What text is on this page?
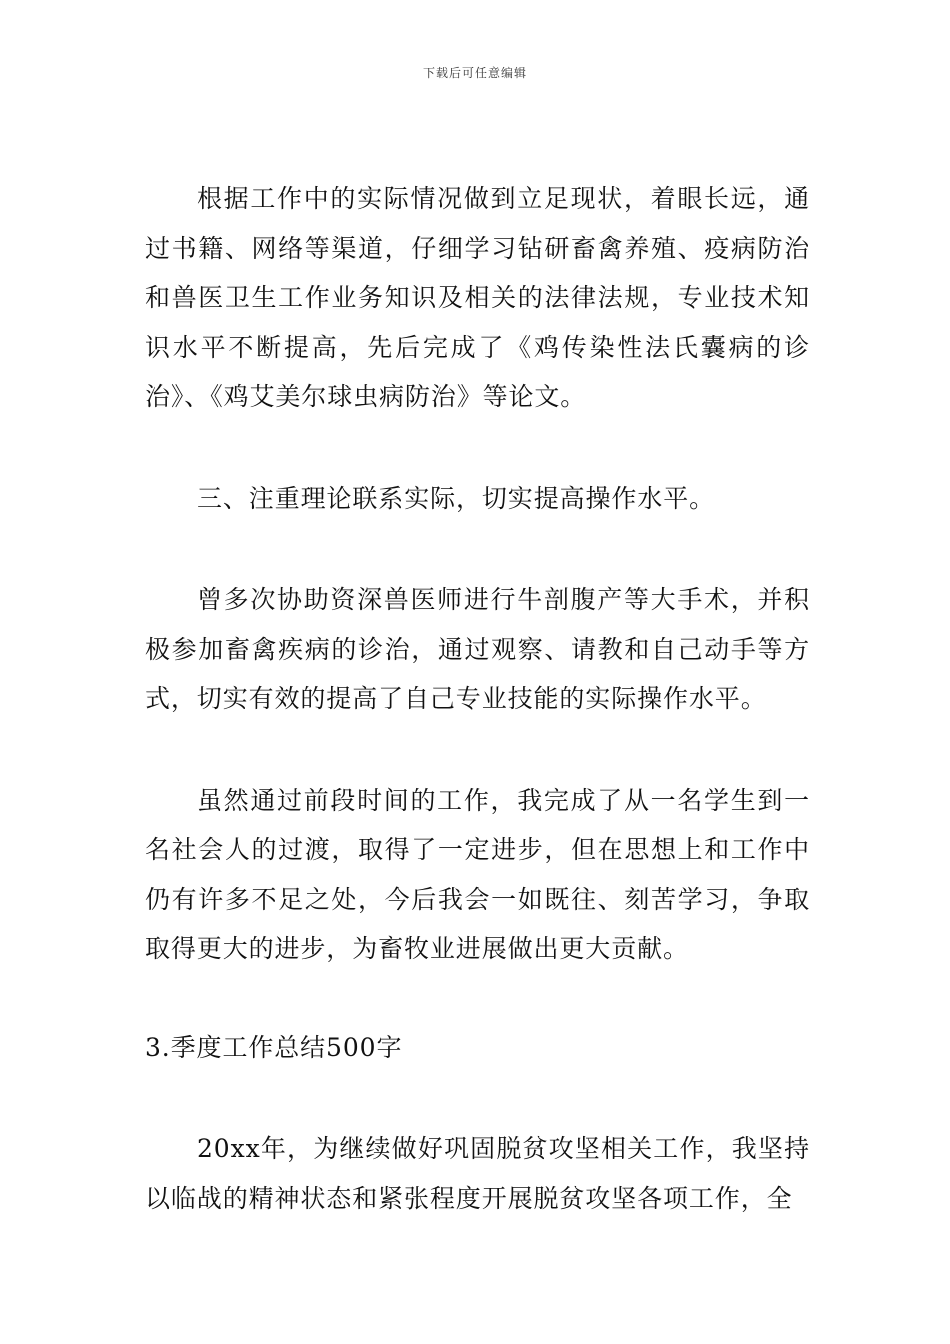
下载后可任意编辑

根据工作中的实际情况做到立足现状，着眼长远，通过书籍、网络等渠道，仔细学习钻研畜禽养殖、疫病防治和兽医卫生工作业务知识及相关的法律法规，专业技术知识水平不断提高，先后完成了《鸡传染性法氏囊病的诊治》、《鸡艾美尔球虫病防治》等论文。

三、注重理论联系实际，切实提高操作水平。

曾多次协助资深兽医师进行牛剖腹产等大手术，并积极参加畜禽疾病的诊治，通过观察、请教和自己动手等方式，切实有效的提高了自己专业技能的实际操作水平。

虽然通过前段时间的工作，我完成了从一名学生到一名社会人的过渡，取得了一定进步，但在思想上和工作中仍有许多不足之处，今后我会一如既往、刻苦学习，争取取得更大的进步，为畜牧业进展做出更大贡献。

3.季度工作总结500字

20xx年，为继续做好巩固脱贫攻坚相关工作，我坚持以临战的精神状态和紧张程度开展脱贫攻坚各项工作，全
